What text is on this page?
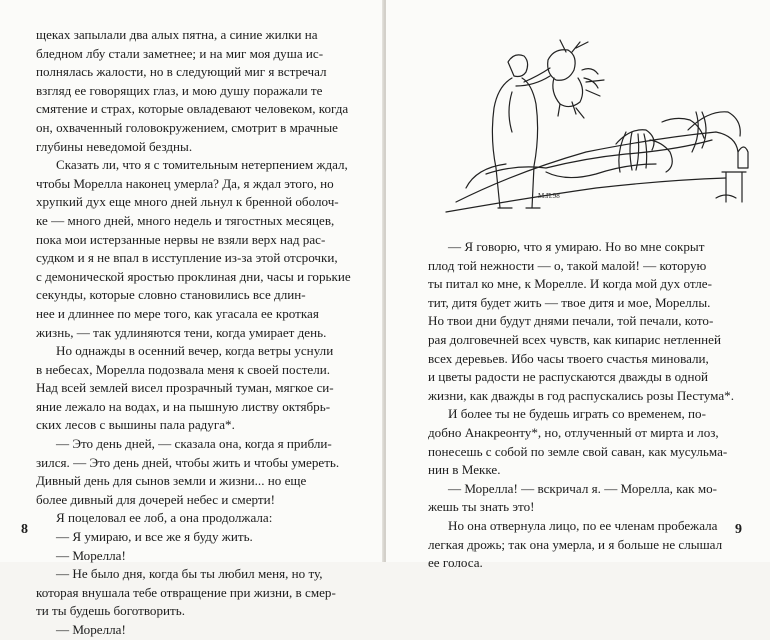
щеках запылали два алых пятна, а синие жилки на
бледном лбу стали заметнее; и на миг моя душа ис-
полнялась жалости, но в следующий миг я встречал
взгляд ее говорящих глаз, и мою душу поражали те
смятение и страх, которые овладевают человеком, когда
он, охваченный головокружением, смотрит в мрачные
глубины неведомой бездны.
Сказать ли, что я с томительным нетерпением ждал,
чтобы Морелла наконец умерла? Да, я ждал этого, но
хрупкий дух еще много дней льнул к бренной оболоч-
ке — много дней, много недель и тягостных месяцев,
пока мои истерзанные нервы не взяли верх над рас-
судком и я не впал в исступление из-за этой отсрочки,
с демонической яростью проклиная дни, часы и горькие
секунды, которые словно становились все длин-
нее и длиннее по мере того, как угасала ее кроткая
жизнь, — так удлиняются тени, когда умирает день.
Но однажды в осенний вечер, когда ветры уснули
в небесах, Морелла подозвала меня к своей постели.
Над всей землей висел прозрачный туман, мягкое си-
яние лежало на водах, и на пышную листву октябрь-
ских лесов с вышины пала радуга*.
— Это день дней, — сказала она, когда я прибли-
зился. — Это день дней, чтобы жить и чтобы умереть.
Дивный день для сынов земли и жизни... но еще
более дивный для дочерей небес и смерти!
Я поцеловал ее лоб, а она продолжала:
— Я умираю, и все же я буду жить.
— Морелла!
— Не было дня, когда бы ты любил меня, но ту,
которая внушала тебе отвращение при жизни, в смер-
ти ты будешь боготворить.
— Морелла!
8
М.П.98
— Я говорю, что я умираю. Но во мне сокрыт
плод той нежности — о, такой малой! — которую
ты питал ко мне, к Морелле. И когда мой дух отле-
тит, дитя будет жить — твое дитя и мое, Мореллы.
Но твои дни будут днями печали, той печали, кото-
рая долговечней всех чувств, как кипарис нетленней
всех деревьев. Ибо часы твоего счастья миновали,
и цветы радости не распускаются дважды в одной
жизни, как дважды в год распускались розы Пестума*.
И более ты не будешь играть со временем, по-
добно Анакреонту*, но, отлученный от мирта и лоз,
понесешь с собой по земле свой саван, как мусульма-
нин в Мекке.
— Морелла! — вскричал я. — Морелла, как мо-
жешь ты знать это!
Но она отвернула лицо, по ее членам пробежала
легкая дрожь; так она умерла, и я больше не слышал
ее голоса.
9
